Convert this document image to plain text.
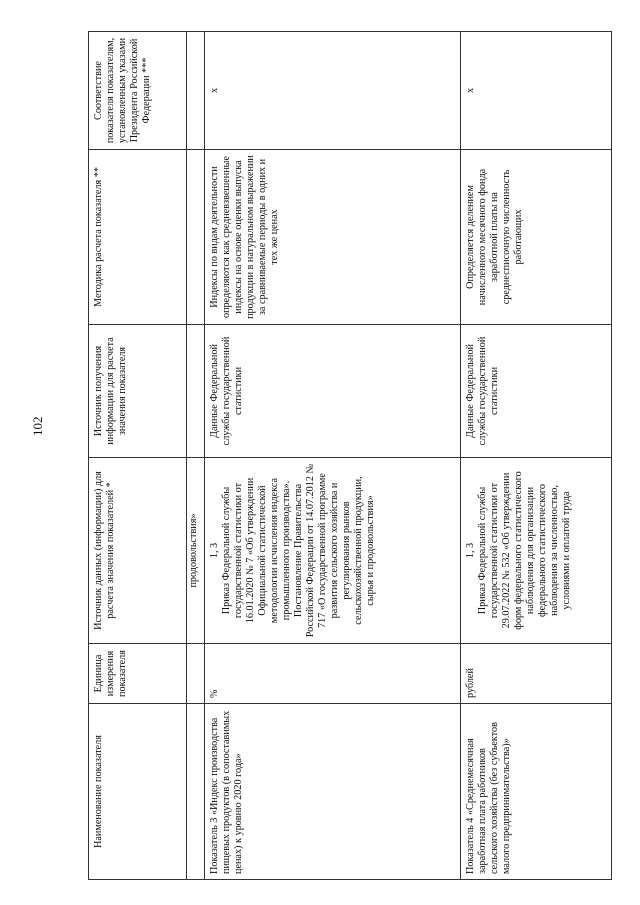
102
Наименование показателя	Единица измерения показателя	Источник данных (информации) для расчета значения показателей *	Источник получения информации для расчета значения показателя	Методика расчета показателя **	Соответствие показателя показателям, установленным указами Президента Российской Федерации ***
		продовольствия»			
Показатель 3 «Индекс производства пищевых продуктов (в сопоставимых ценах) к уровню 2020 года»	%	1, 3 Приказ Федеральной службы государственной статистики от 16.01.2020 № 7 «Об утверждении Официальной статистической методологии исчисления индекса промышленного производства». Постановление Правительства Российской Федерации от 14.07.2012 № 717 «О государственной программе развития сельского хозяйства и регулирования рынков сельскохозяйственной продукции, сырья и продовольствия»	Данные Федеральной службы государственной статистики	Индексы по видам деятельности определяются как средневзвешенные индексы на основе оценки выпуска продукции в натуральном выражении за сравниваемые периоды в одних и тех же ценах	x
Показатель 4 «Среднемесячная заработная плата работников сельского хозяйства (без субъектов малого предпринимательства)»	рублей	1, 3 Приказ Федеральной службы государственной статистики от 29.07.2022 № 532 «Об утверждении форм федерального статистического наблюдения для организации федерального статистического наблюдения за численностью, условиями и оплатой труда	Данные Федеральной службы государственной статистики	Определяется делением начисленного месячного фонда заработной платы на среднесписочную численность работающих	x
